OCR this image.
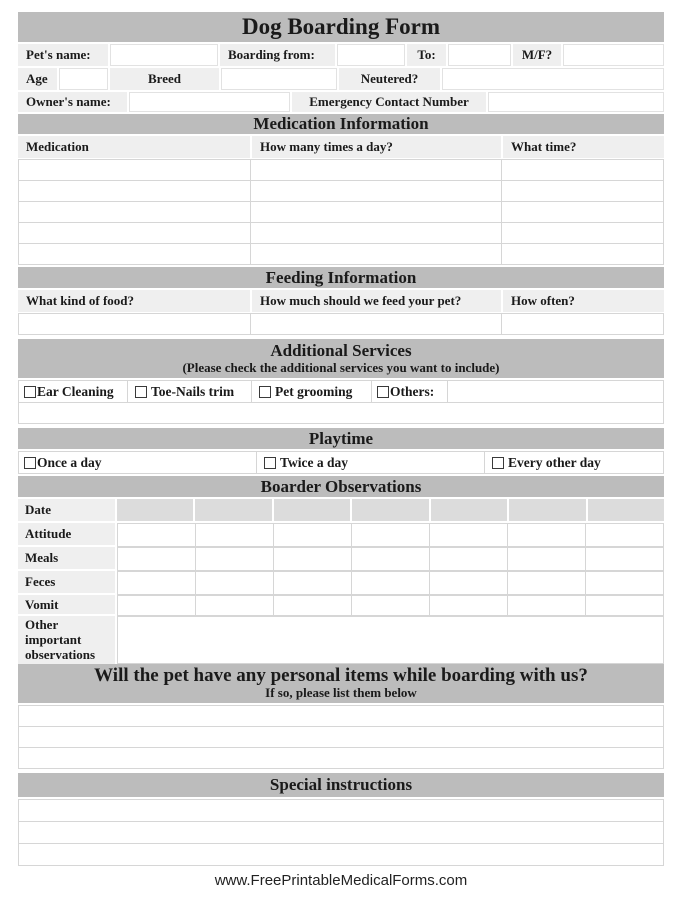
Dog Boarding Form
Pet's name:	Boarding from:	To:	M/F?
Age	Breed	Neutered?
Owner's name:	Emergency Contact Number
Medication Information
Medication	How many times a day?	What time?
Feeding Information
What kind of food?	How much should we feed your pet?	How often?
Additional Services
(Please check the additional services you want to include)
Ear Cleaning	Toe-Nails trim	Pet grooming	Others:
Playtime
Once a day	Twice a day	Every other day
Boarder Observations
Date
Attitude
Meals
Feces
Vomit
Other important observations
Will the pet have any personal items while boarding with us?
If so, please list them below
Special instructions
www.FreePrintableMedicalForms.com
